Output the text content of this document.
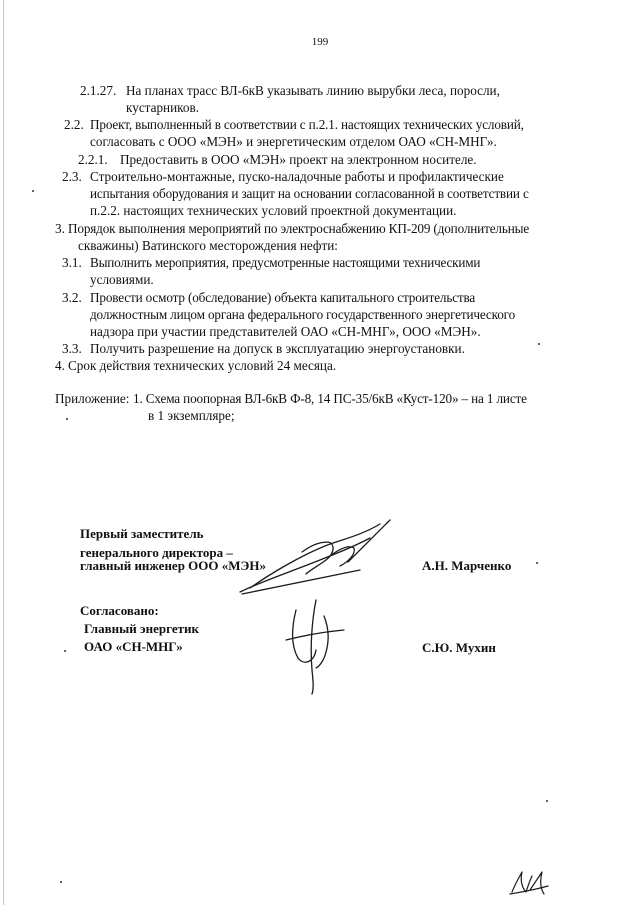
199
2.1.27. На планах трасс ВЛ-6кВ указывать линию вырубки леса, поросли,
кустарников.
2.2. Проект, выполненный в соответствии с п.2.1. настоящих технических условий,
согласовать с ООО «МЭН» и энергетическим отделом ОАО «СН-МНГ».
2.2.1. Предоставить в ООО «МЭН» проект на электронном носителе.
2.3. Строительно-монтажные, пуско-наладочные работы и профилактические
испытания оборудования и защит на основании согласованной в соответствии с
п.2.2. настоящих технических условий проектной документации.
3. Порядок выполнения мероприятий по электроснабжению КП-209 (дополнительные
скважины) Ватинского месторождения нефти:
3.1. Выполнить мероприятия, предусмотренные настоящими техническими
условиями.
3.2. Провести осмотр (обследование) объекта капитального строительства
должностным лицом органа федерального государственного энергетического
надзора при участии представителей ОАО «СН-МНГ», ООО «МЭН».
3.3. Получить разрешение на допуск в эксплуатацию энергоустановки.
4. Срок действия технических условий 24 месяца.
Приложение: 1. Схема поопорная ВЛ-6кВ Ф-8, 14 ПС-35/6кВ «Куст-120» – на 1 листе
в 1 экземпляре;
Первый заместитель
генерального директора –
главный инженер ООО «МЭН»	А.Н. Марченко
Согласовано:
Главный энергетик
ОАО «СН-МНГ»	С.Ю. Мухин
